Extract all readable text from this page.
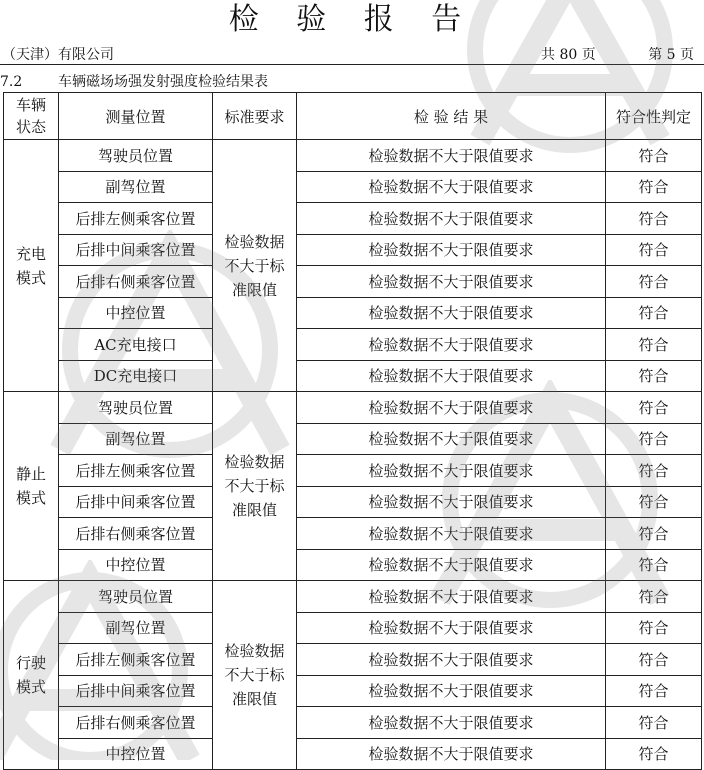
检 验 报 告
（天津）有限公司	共 80 页	第 5 页
7.2	车辆磁场场强发射强度检验结果表
车辆状态	测量位置	标准要求	检 验 结 果	符合性判定

充电模式	驾驶员位置	检验数据不大于标准限值	检验数据不大于限值要求	符合
	副驾位置		检验数据不大于限值要求	符合
	后排左侧乘客位置		检验数据不大于限值要求	符合
	后排中间乘客位置		检验数据不大于限值要求	符合
	后排右侧乘客位置		检验数据不大于限值要求	符合
	中控位置		检验数据不大于限值要求	符合
	AC充电接口		检验数据不大于限值要求	符合
	DC充电接口		检验数据不大于限值要求	符合

静止模式	驾驶员位置	检验数据不大于标准限值	检验数据不大于限值要求	符合
	副驾位置		检验数据不大于限值要求	符合
	后排左侧乘客位置		检验数据不大于限值要求	符合
	后排中间乘客位置		检验数据不大于限值要求	符合
	后排右侧乘客位置		检验数据不大于限值要求	符合
	中控位置		检验数据不大于限值要求	符合

行驶模式	驾驶员位置	检验数据不大于标准限值	检验数据不大于限值要求	符合
	副驾位置		检验数据不大于限值要求	符合
	后排左侧乘客位置		检验数据不大于限值要求	符合
	后排中间乘客位置		检验数据不大于限值要求	符合
	后排右侧乘客位置		检验数据不大于限值要求	符合
	中控位置		检验数据不大于限值要求	符合
